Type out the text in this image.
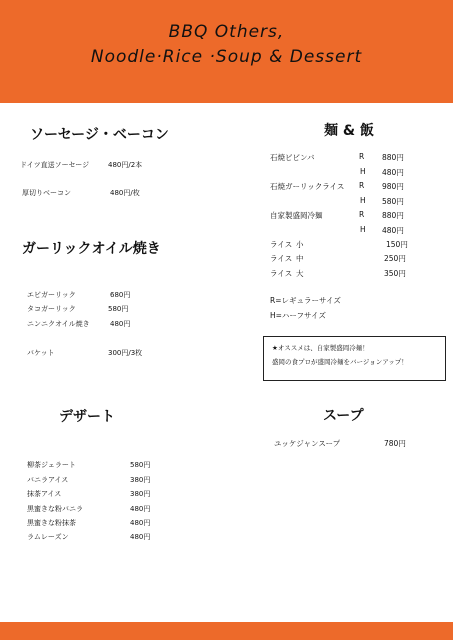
BBQ Others,
Noodle·Rice ·Soup & Dessert
ソーセージ・ベーコン
ドイツ直送ソーセージ	480円/2本
厚切りベーコン	480円/枚
ガーリックオイル焼き
エビガーリック	680円
タコガーリック	580円
ニンニクオイル焼き	480円
バケット	300円/3枚
デザート
柳茶ジェラート	580円
バニラアイス	380円
抹茶アイス	380円
黒蜜きな粉バニラ	480円
黒蜜きな粉抹茶	480円
ラムレーズン	480円
麺 & 飯
石焼ビビンバ	R 880円
H 480円
石焼ガーリックライス R 980円
H 580円
自家製盛岡冷麺	R 880円
H 480円
ライス 小	150円
ライス 中	250円
ライス 大	350円
R=レギュラーサイズ
H=ハーフサイズ
★オススメは、自家製盛岡冷麺！
盛岡の食プロが盛岡冷麺をバージョンアップ！
スープ
ユッケジャンスープ	780円
